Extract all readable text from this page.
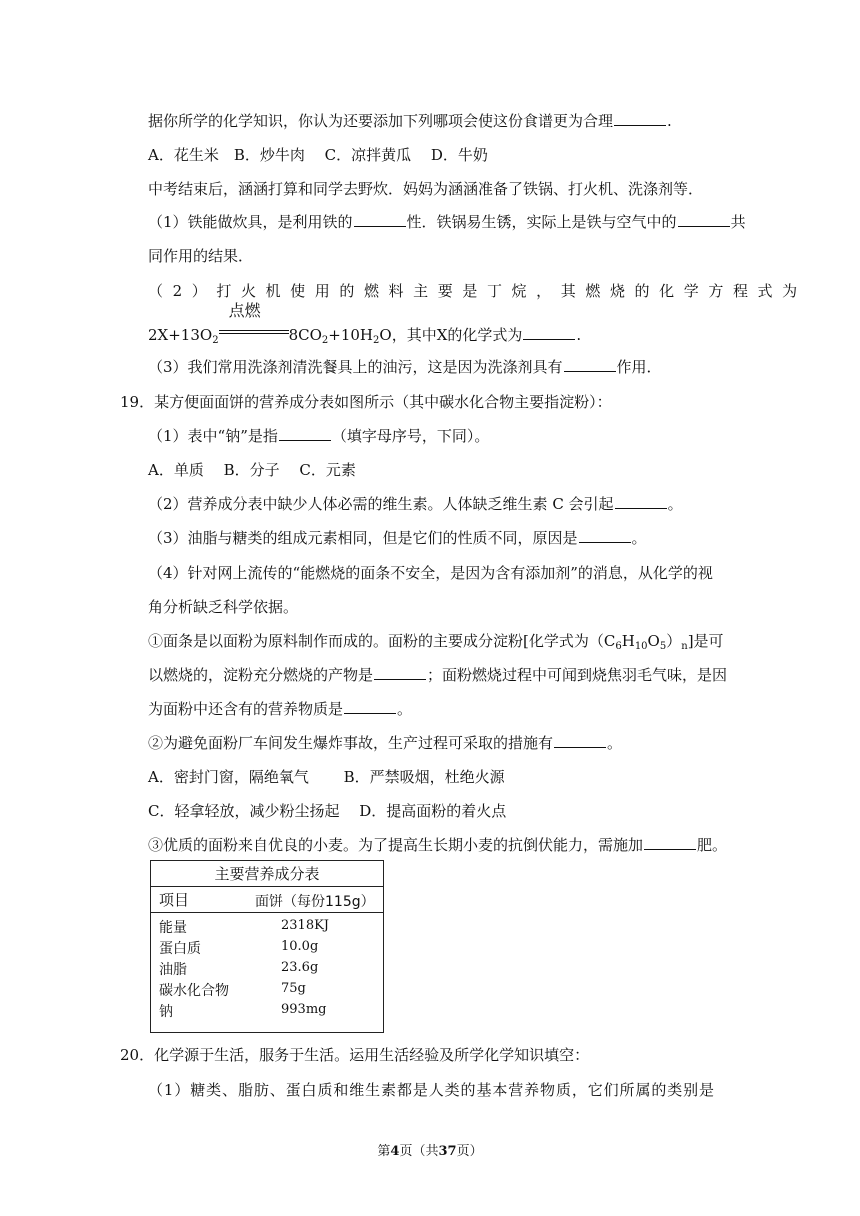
据你所学的化学知识，你认为还要添加下列哪项会使这份食谱更为合理	.
A．花生米　B．炒牛肉　 C．凉拌黄瓜　 D．牛奶
中考结束后，涵涵打算和同学去野炊．妈妈为涵涵准备了铁锅、打火机、洗涤剂等．
（1）铁能做炊具，是利用铁的	性．铁锅易生锈，实际上是铁与空气中的	共
同作用的结果．
（2）打火机使用的燃料主要是丁烷，其燃烧的化学方程式为
$2X+13O_2$
点燃
$8CO_2+10H_2O$，其中X的化学式为	.
（3）我们常用洗涤剂清洗餐具上的油污，这是因为洗涤剂具有	作用．
19．某方便面面饼的营养成分表如图所示（其中碳水化合物主要指淀粉）：
（1）表中“钠”是指	（填字母序号，下同）。
A．单质　 B．分子　 C．元素
（2）营养成分表中缺少人体必需的维生素。人体缺乏维生素 C 会引起	。
（3）油脂与糖类的组成元素相同，但是它们的性质不同，原因是	。
（4）针对网上流传的“能燃烧的面条不安全，是因为含有添加剂”的消息，从化学的视
角分析缺乏科学依据。
①面条是以面粉为原料制作而成的。面粉的主要成分淀粉[化学式为$(C_6H_{10}O_5)_n$]是可
以燃烧的，淀粉充分燃烧的产物是	；面粉燃烧过程中可闻到烧焦羽毛气味，是因
为面粉中还含有的营养物质是	。
②为避免面粉厂车间发生爆炸事故，生产过程可采取的措施有	。
A．密封门窗，隔绝氧气　　 B．严禁吸烟，杜绝火源
C．轻拿轻放，减少粉尘扬起　 D．提高面粉的着火点
③优质的面粉来自优良的小麦。为了提高生长期小麦的抗倒伏能力，需施加	肥。
主要营养成分表
项目	面饼（每份115g）
能量	2318KJ
蛋白质	10.0g
油脂	23.6g
碳水化合物	75g
钠	993mg
20．化学源于生活，服务于生活。运用生活经验及所学化学知识填空：
（1）糖类、脂肪、蛋白质和维生素都是人类的基本营养物质，它们所属的类别是
第4页（共37页）
